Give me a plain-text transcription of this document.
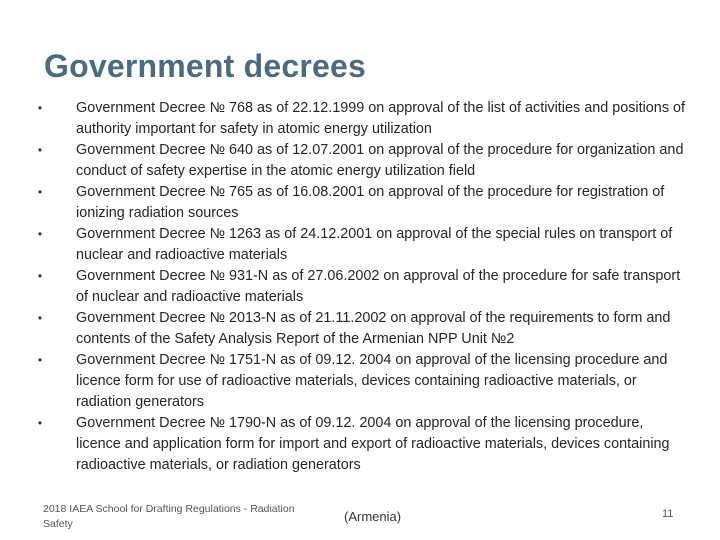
Government decrees
• Government Decree № 768 as of 22.12.1999 on approval of the list of activities and positions of authority important for safety in atomic energy utilization
• Government Decree № 640 as of 12.07.2001 on approval of the procedure for organization and conduct of safety expertise in the atomic energy utilization field
• Government Decree № 765 as of 16.08.2001 on approval of the procedure for registration of ionizing radiation sources
• Government Decree № 1263 as of 24.12.2001 on approval of the special rules on transport of nuclear and radioactive materials
• Government Decree № 931-N as of 27.06.2002 on approval of the procedure for safe transport of nuclear and radioactive materials
• Government Decree № 2013-N as of 21.11.2002 on approval of the requirements to form and contents of the Safety Analysis Report of the Armenian NPP Unit №2
• Government Decree № 1751-N as of 09.12. 2004 on approval of the licensing procedure and licence form for use of radioactive materials, devices containing radioactive materials, or radiation generators
• Government Decree № 1790-N as of 09.12. 2004 on approval of the licensing procedure, licence and application form for import and export of radioactive materials, devices containing radioactive materials, or radiation generators
2018 IAEA School for Drafting Regulations - Radiation Safety	(Armenia)	11
